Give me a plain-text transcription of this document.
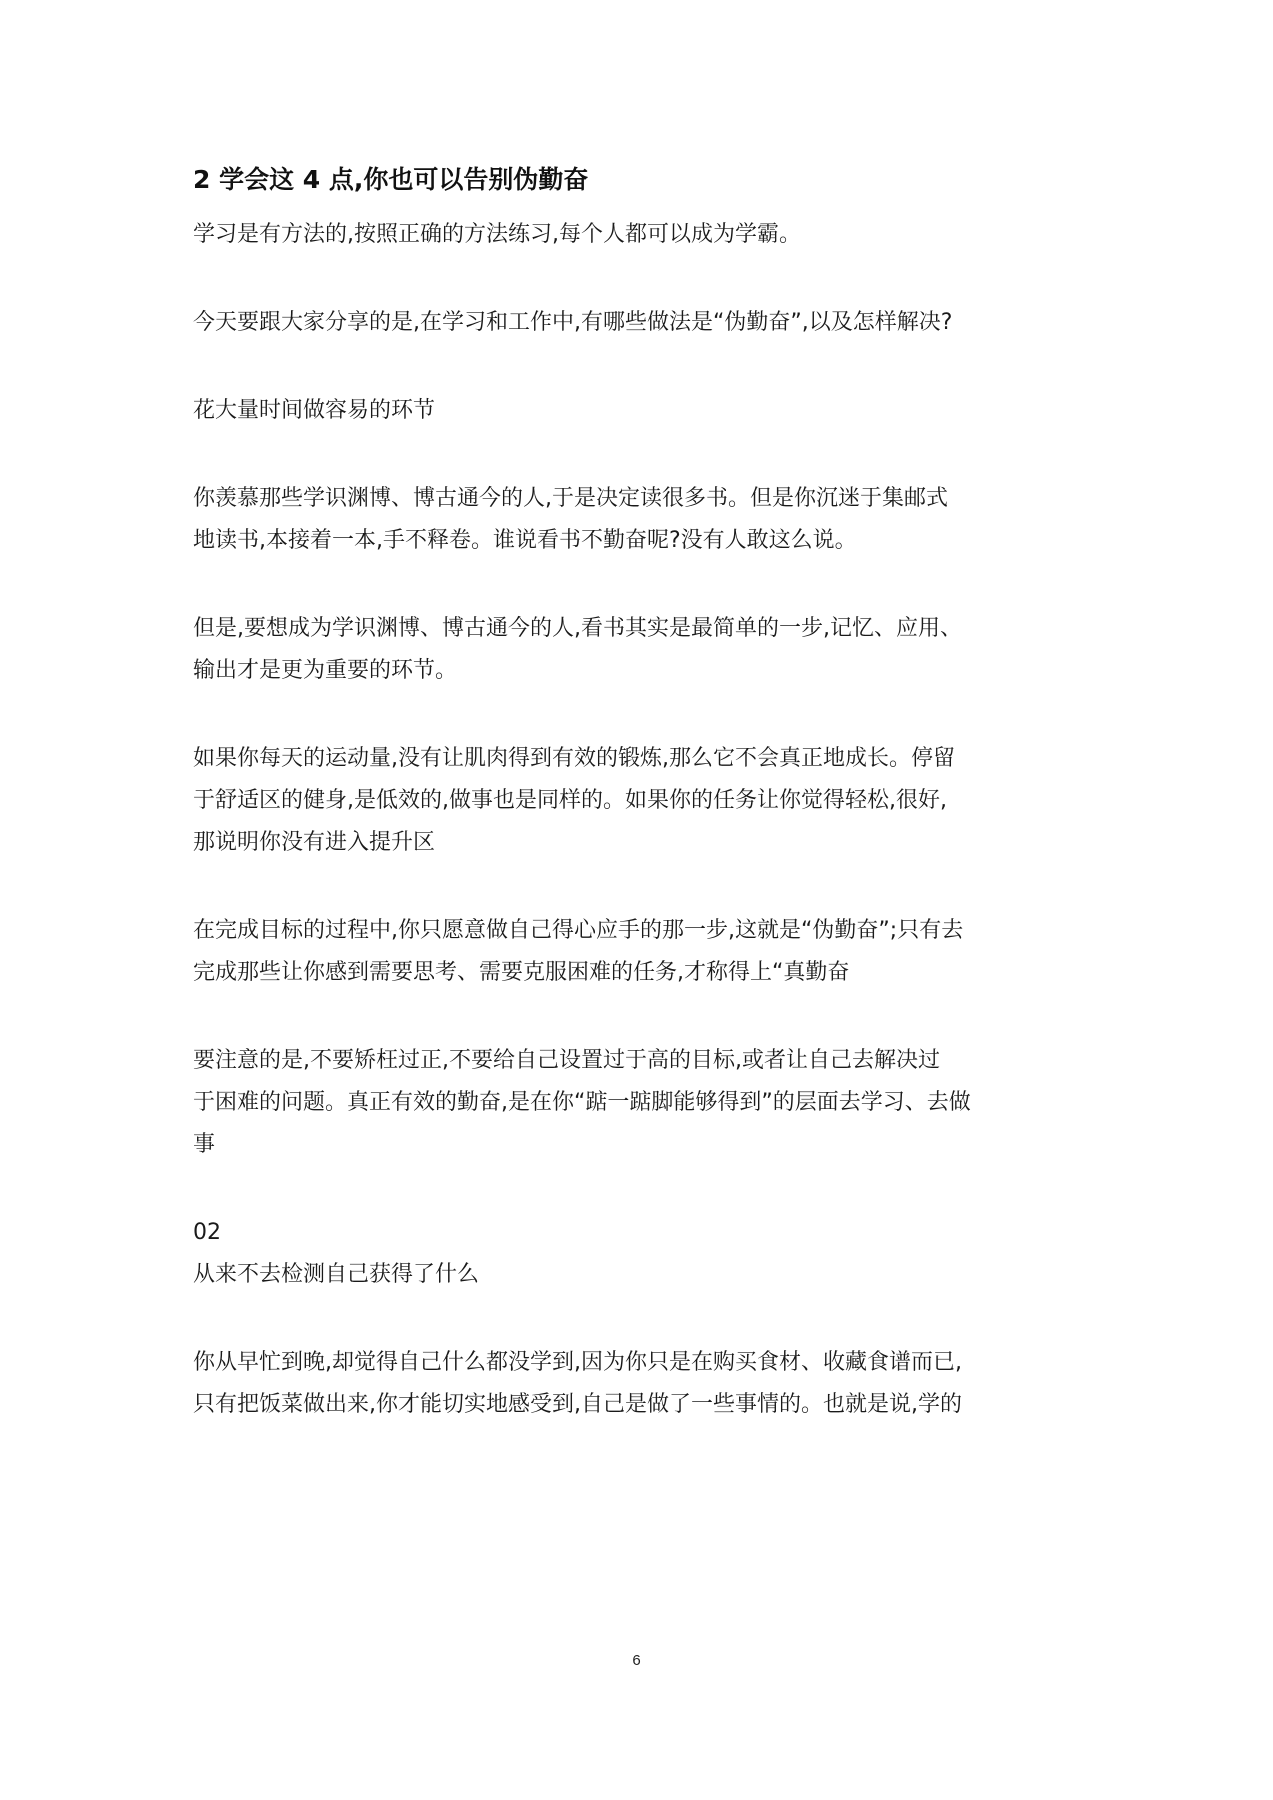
2 学会这 4 点,你也可以告别伪勤奋

学习是有方法的,按照正确的方法练习,每个人都可以成为学霸。

今天要跟大家分享的是,在学习和工作中,有哪些做法是“伪勤奋”,以及怎样解决?

花大量时间做容易的环节

你羡慕那些学识渊博、博古通今的人,于是决定读很多书。但是你沉迷于集邮式
地读书,本接着一本,手不释卷。谁说看书不勤奋呢?没有人敢这么说。

但是,要想成为学识渊博、博古通今的人,看书其实是最简单的一步,记忆、应用、
输出才是更为重要的环节。

如果你每天的运动量,没有让肌肉得到有效的锻炼,那么它不会真正地成长。停留
于舒适区的健身,是低效的,做事也是同样的。如果你的任务让你觉得轻松,很好,
那说明你没有进入提升区

在完成目标的过程中,你只愿意做自己得心应手的那一步,这就是“伪勤奋”;只有去
完成那些让你感到需要思考、需要克服困难的任务,才称得上“真勤奋

要注意的是,不要矫枉过正,不要给自己设置过于高的目标,或者让自己去解决过
于困难的问题。真正有效的勤奋,是在你“踮一踮脚能够得到”的层面去学习、去做
事

02

从来不去检测自己获得了什么

你从早忙到晚,却觉得自己什么都没学到,因为你只是在购买食材、收藏食谱而已,
只有把饭菜做出来,你才能切实地感受到,自己是做了一些事情的。也就是说,学的

6
